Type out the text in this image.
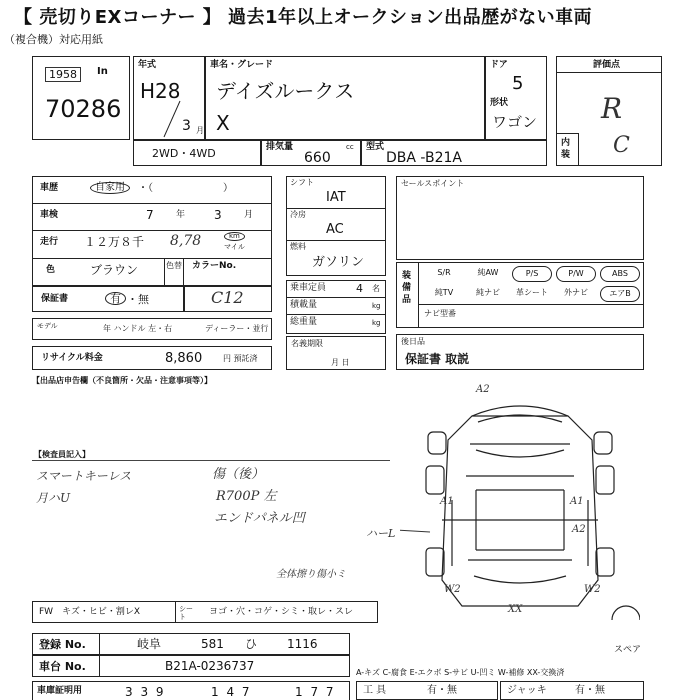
【 売切りEXコーナー 】 過去1年以上オークション出品歴がない車両
（複合機）対応用紙
1958	In
70286
年式
H28
3 月
車名・グレード
デイズルークス
X
ドア
5
形状
ワゴン
2WD・4WD	排気量
660
cc 型式
DBA -B21A
評価点
R
内装 C
車歴	自家用	・（　　　　　　　）
車検	7 年 3 月
走行 １２万８千 8,78	km
マイル
色	ブラウン	色替 カラーNo.
保証書	有 ・無	C12
モデル	年 ハンドル 左・右	ディーラー・並行
リサイクル料金	8,860	円 預託済
シフト
IAT
冷房
AC
燃料
ガソリン
乗車定員	4 名
積載量	kg
総重量	kg
名義期限
月 日
セールスポイント
装備品
S/R	純AW	P/S	P/W	ABS
純TV	純ナビ	革シート	外ナビ	エアB
ナビ型番
後日品
保証書 取説
【出品店申告欄（不良箇所・欠品・注意事項等）】
【検査員記入】
スマートキーレス
月ハU
傷（後）
R700P 左
エンドパネル凹
全体擦り傷小ミ
ハーL
A2
A1	A1
A2
W2	W2
XX
スペア
FW　キズ・ヒビ・割レX	シート	ヨゴ・穴・コゲ・シミ・取レ・スレ
登録 No.	岐阜	581 ひ 1116
車台 No.	B21A-0236737
車庫証明用	3 3 9	1 4 7	1 7 7
A-キズ C-腐食 E-エクボ S-サビ U-凹ミ W-補修 XX-交換済
工 具	有・無	ジャッキ	有・無
